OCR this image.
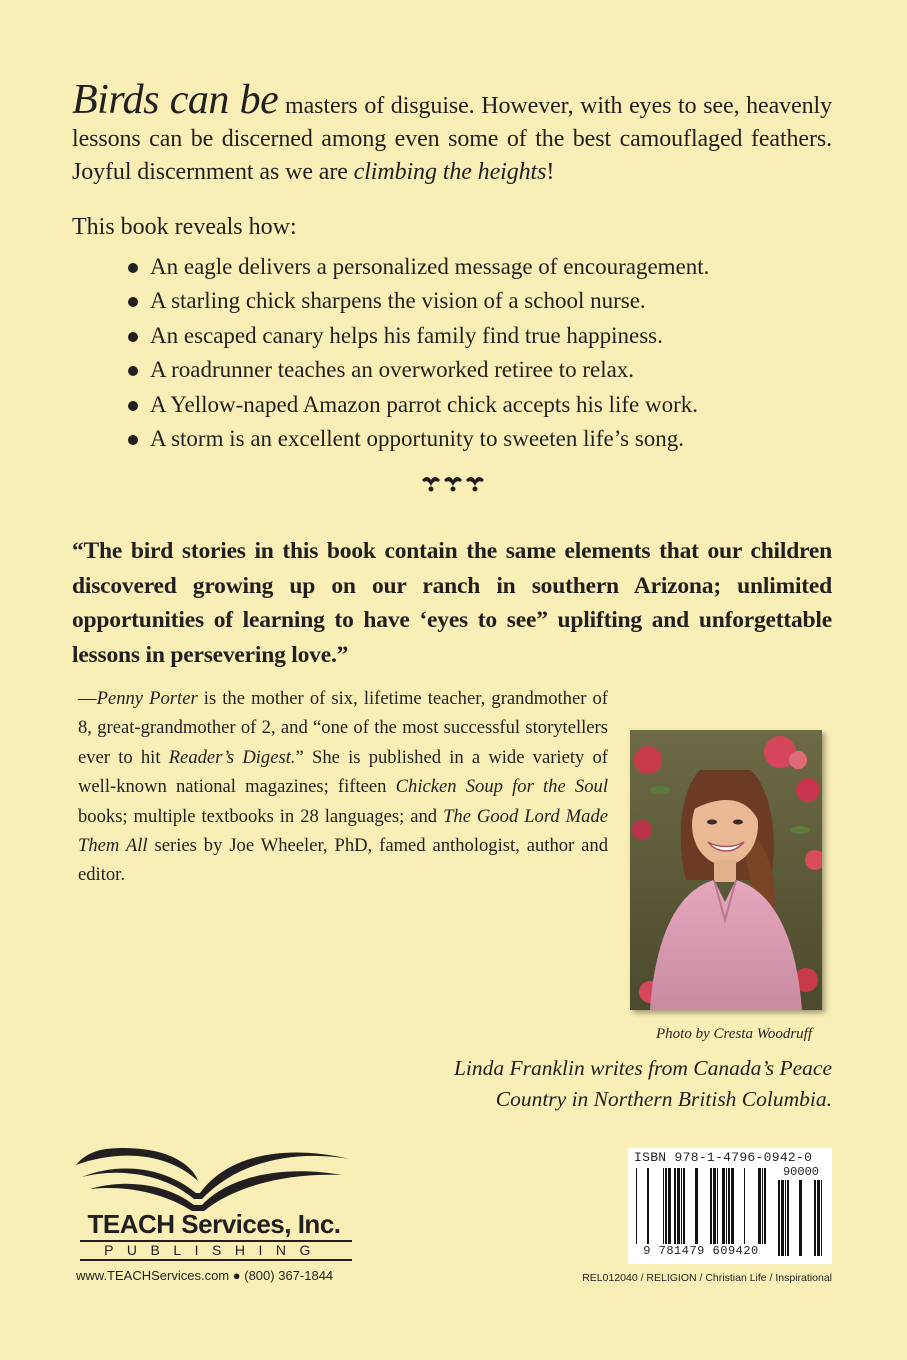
Birds can be masters of disguise. However, with eyes to see, heavenly lessons can be discerned among even some of the best camouflaged feathers. Joyful discernment as we are climbing the heights!
This book reveals how:
An eagle delivers a personalized message of encouragement.
A starling chick sharpens the vision of a school nurse.
An escaped canary helps his family find true happiness.
A roadrunner teaches an overworked retiree to relax.
A Yellow-naped Amazon parrot chick accepts his life work.
A storm is an excellent opportunity to sweeten life’s song.
“The bird stories in this book contain the same elements that our children discovered growing up on our ranch in southern Arizona; unlimited opportunities of learning to have ‘eyes to see” uplifting and unforgettable lessons in persevering love.”
—Penny Porter is the mother of six, lifetime teacher, grandmother of 8, great-grandmother of 2, and “one of the most successful storytellers ever to hit Reader’s Digest.” She is published in a wide variety of well-known national magazines; fifteen Chicken Soup for the Soul books; multiple textbooks in 28 languages; and The Good Lord Made Them All series by Joe Wheeler, PhD, famed anthologist, author and editor.
Photo by Cresta Woodruff
Linda Franklin writes from Canada’s Peace Country in Northern British Columbia.
TEACH Services, Inc.
PUBLISHING
www.TEACHServices.com ● (800) 367-1844
ISBN 978-1-4796-0942-0
90000
9 781479 609420
REL012040 / RELIGION / Christian Life / Inspirational
